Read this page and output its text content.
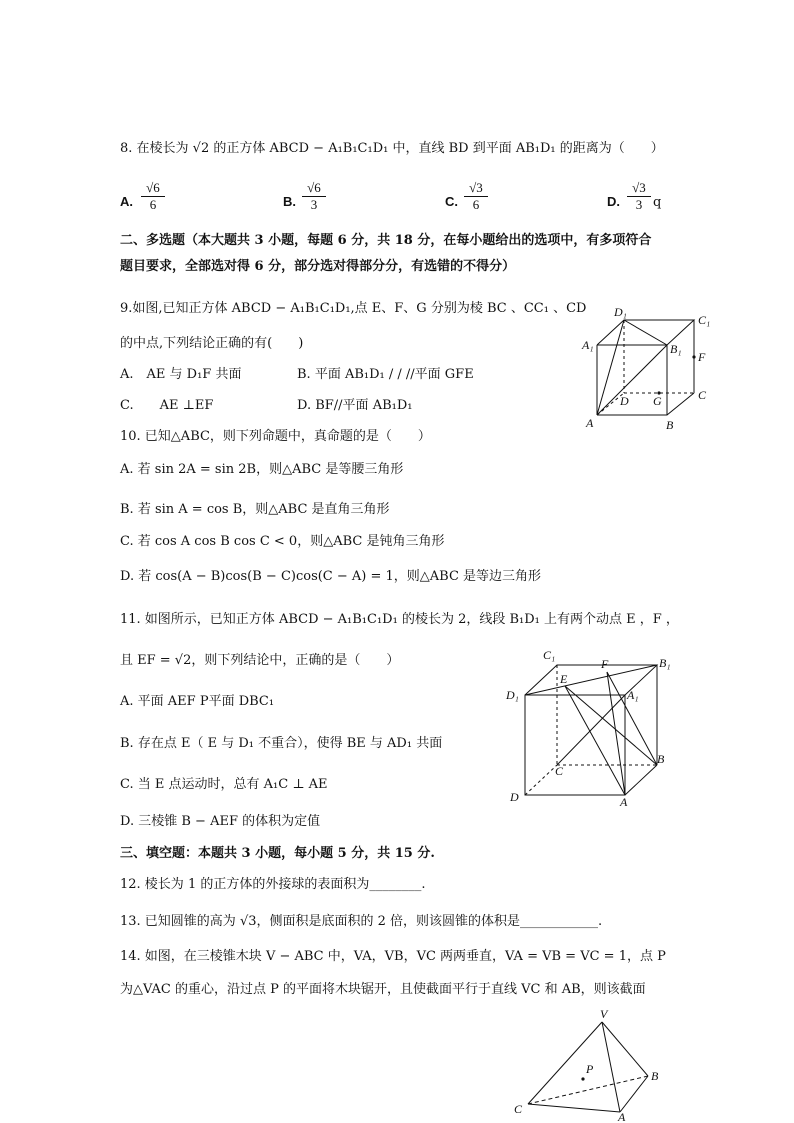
8. 在棱长为 √2 的正方体 ABCD − A₁B₁C₁D₁ 中，直线 BD 到平面 AB₁D₁ 的距离为（　　）
A. $\frac{√6}{6}$	B. $\frac{√6}{3}$	C. $\frac{√3}{6}$	D. $\frac{√3}{3}$ q
二、多选题（本大题共 3 小题，每题 6 分，共 18 分，在每小题给出的选项中，有多项符合
题目要求，全部选对得 6 分，部分选对得部分分，有选错的不得分）
9.如图,已知正方体 ABCD − A₁B₁C₁D₁,点 E、F、G 分别为棱 BC 、CC₁ 、CD
的中点,下列结论正确的有(　　)
A.　AE 与 D₁F 共面	B. 平面 AB₁D₁ / / //平面 GFE
C.　　AE ⊥EF	D. BF//平面 AB₁D₁
D₁
C₁
A₁	B₁
F
D G	C
A	B
10. 已知△ABC，则下列命题中，真命题的是（　　）
A. 若 sin 2A = sin 2B，则△ABC 是等腰三角形
B. 若 sin A = cos B，则△ABC 是直角三角形
C. 若 cos A cos B cos C < 0，则△ABC 是钝角三角形
D. 若 cos(A − B)cos(B − C)cos(C − A) = 1，则△ABC 是等边三角形
11. 如图所示，已知正方体 ABCD − A₁B₁C₁D₁ 的棱长为 2，线段 B₁D₁ 上有两个动点 E ，F ，
且 EF = √2，则下列结论中，正确的是（　　）
A. 平面 AEF P平面 DBC₁
B. 存在点 E（ E 与 D₁ 不重合），使得 BE 与 AD₁ 共面
C. 当 E 点运动时，总有 A₁C ⊥ AE
D. 三棱锥 B − AEF 的体积为定值
C₁
F	B₁
D₁
E
A₁
C
B
D	A
三、填空题：本题共 3 小题，每小题 5 分，共 15 分.
12. 棱长为 1 的正方体的外接球的表面积为________.
13. 已知圆锥的高为 √3，侧面积是底面积的 2 倍，则该圆锥的体积是____________.
14. 如图，在三棱锥木块 V − ABC 中，VA，VB，VC 两两垂直，VA = VB = VC = 1，点 P
为△VAC 的重心，沿过点 P 的平面将木块锯开，且使截面平行于直线 VC 和 AB，则该截面
V
P	B
C
A
